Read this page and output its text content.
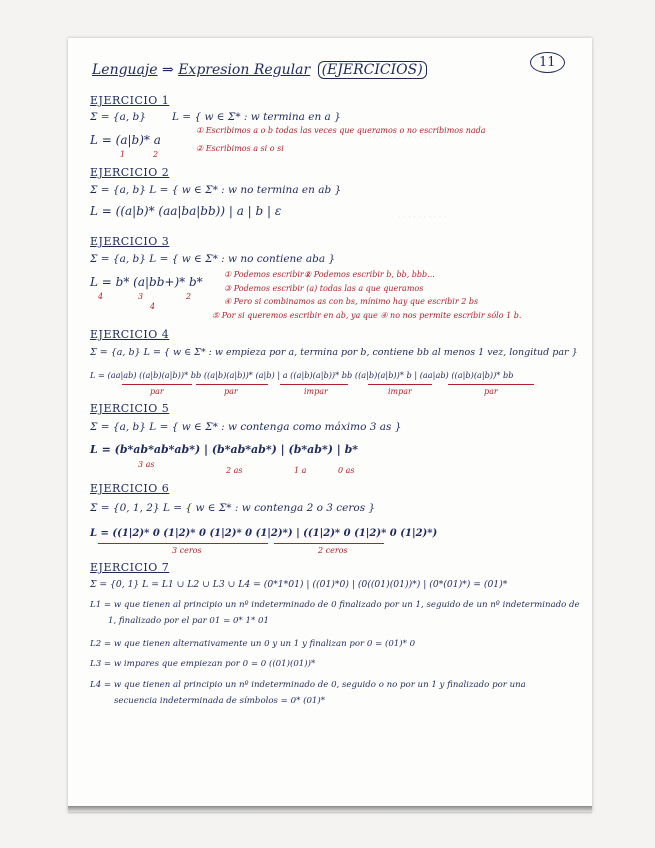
· · · · · · · · · · · · · ·
· · · · · · · · · ·
Lenguaje ⇒ Expresion Regular (EJERCICIOS)	11
EJERCICIO 1
Σ = {a, b} L = { w ∈ Σ* : w termina en a }
L = (a|b)* a
1	2
① Escribimos a o b todas las veces que queramos o no escribimos nada
② Escribimos a si o si
EJERCICIO 2
Σ = {a, b} L = { w ∈ Σ* : w no termina en ab }
L = ((a|b)* (aa|ba|bb)) | a | b | ε
EJERCICIO 3
Σ = {a, b} L = { w ∈ Σ* : w no contiene aba }
L = b* (a|bb+)* b*
4	3
4
2
① Podemos escribir ε
② Podemos escribir b, bb, bbb...
③ Podemos escribir (a) todas las a que queramos
④ Pero si combinamos as con bs, mínimo hay que escribir 2 bs
⑤ Por si queremos escribir en ab, ya que ④ no nos permite escribir sólo 1 b.
EJERCICIO 4
Σ = {a, b} L = { w ∈ Σ* : w empieza por a, termina por b, contiene bb al menos 1 vez, longitud par }
L = (aa|ab) ((a|b)(a|b))* bb ((a|b)(a|b))* (a|b) | a ((a|b)(a|b))* bb ((a|b)(a|b))* b | (aa|ab) ((a|b)(a|b))* bb
par	par	impar	impar	par
EJERCICIO 5
Σ = {a, b} L = { w ∈ Σ* : w contenga como máximo 3 as }
L = (b*ab*ab*ab*) | (b*ab*ab*) | (b*ab*) | b*
3 as
2 as	1 a	0 as
EJERCICIO 6
Σ = {0, 1, 2} L = { w ∈ Σ* : w contenga 2 o 3 ceros }
L = ((1|2)* 0 (1|2)* 0 (1|2)* 0 (1|2)*) | ((1|2)* 0 (1|2)* 0 (1|2)*)
3 ceros	2 ceros
EJERCICIO 7
Σ = {0, 1} L = L1 ∪ L2 ∪ L3 ∪ L4 = (0*1*01) | ((01)*0) | (0((01)(01))*) | (0*(01)*) = (01)*
L1 = w que tienen al principio un nº indeterminado de 0 finalizado por un 1, seguido de un nº indeterminado de
1, finalizado por el par 01 = 0* 1* 01
L2 = w que tienen alternativamente un 0 y un 1 y finalizan por 0 = (01)* 0
L3 = w impares que empiezan por 0 = 0 ((01)(01))*
L4 = w que tienen al principio un nº indeterminado de 0, seguido o no por un 1 y finalizado por una
secuencia indeterminada de símbolos = 0* (01)*
